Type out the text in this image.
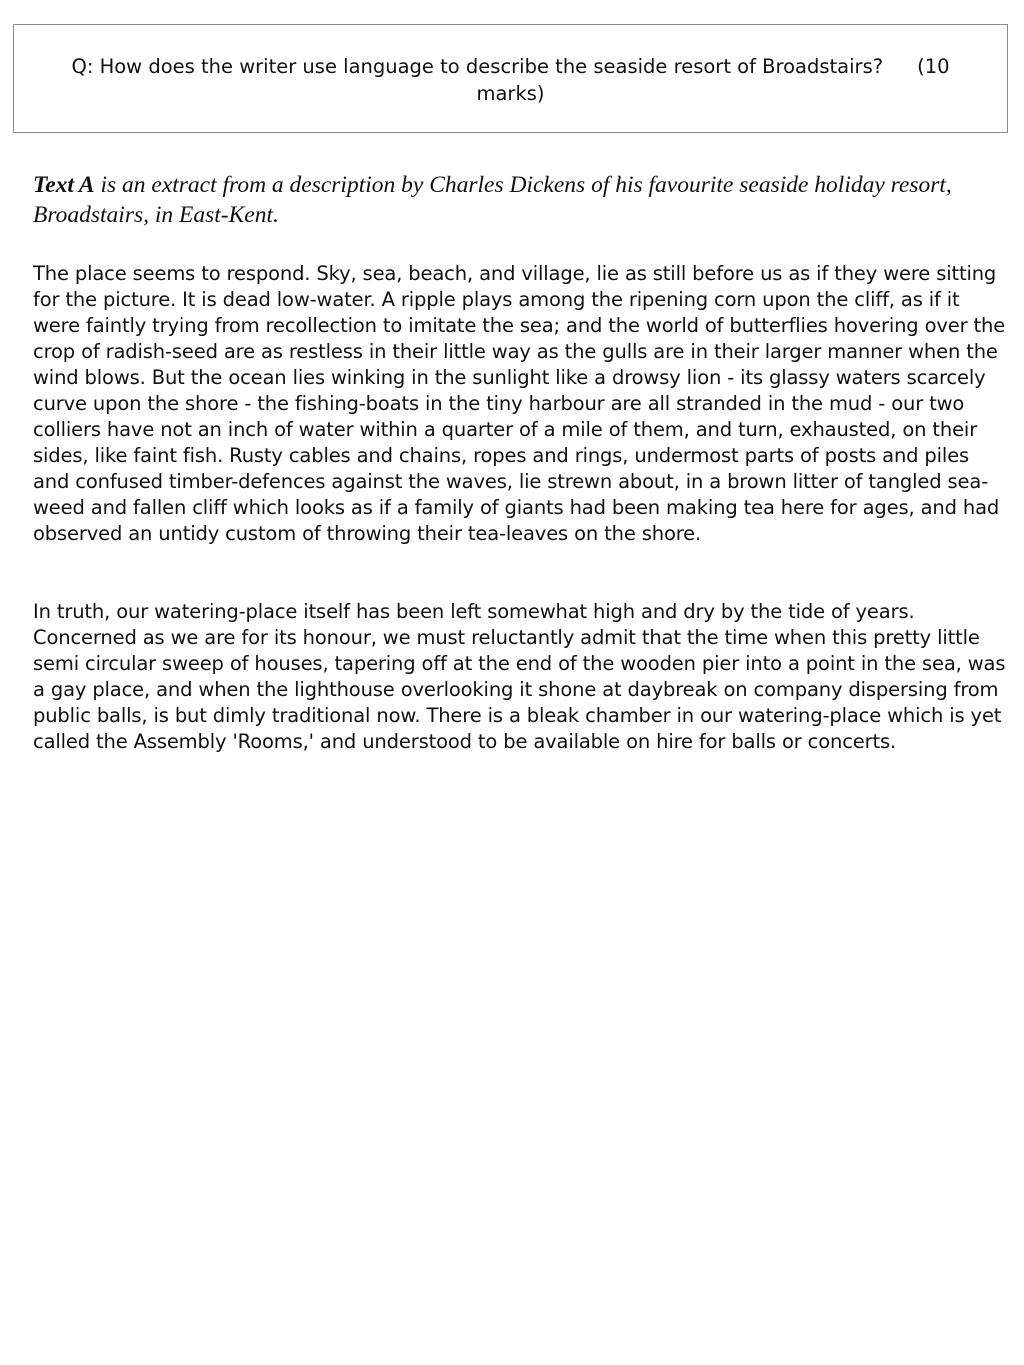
Q: How does the writer use language to describe the seaside resort of Broadstairs? (10 marks)

Text A is an extract from a description by Charles Dickens of his favourite seaside holiday resort, Broadstairs, in East-Kent.

The place seems to respond. Sky, sea, beach, and village, lie as still before us as if they were sitting for the picture. It is dead low-water. A ripple plays among the ripening corn upon the cliff, as if it were faintly trying from recollection to imitate the sea; and the world of butterflies hovering over the crop of radish-seed are as restless in their little way as the gulls are in their larger manner when the wind blows. But the ocean lies winking in the sunlight like a drowsy lion - its glassy waters scarcely curve upon the shore - the fishing-boats in the tiny harbour are all stranded in the mud - our two colliers have not an inch of water within a quarter of a mile of them, and turn, exhausted, on their sides, like faint fish. Rusty cables and chains, ropes and rings, undermost parts of posts and piles and confused timber-defences against the waves, lie strewn about, in a brown litter of tangled sea-weed and fallen cliff which looks as if a family of giants had been making tea here for ages, and had observed an untidy custom of throwing their tea-leaves on the shore.

In truth, our watering-place itself has been left somewhat high and dry by the tide of years. Concerned as we are for its honour, we must reluctantly admit that the time when this pretty little semi circular sweep of houses, tapering off at the end of the wooden pier into a point in the sea, was a gay place, and when the lighthouse overlooking it shone at daybreak on company dispersing from public balls, is but dimly traditional now. There is a bleak chamber in our watering-place which is yet called the Assembly 'Rooms,' and understood to be available on hire for balls or concerts.
